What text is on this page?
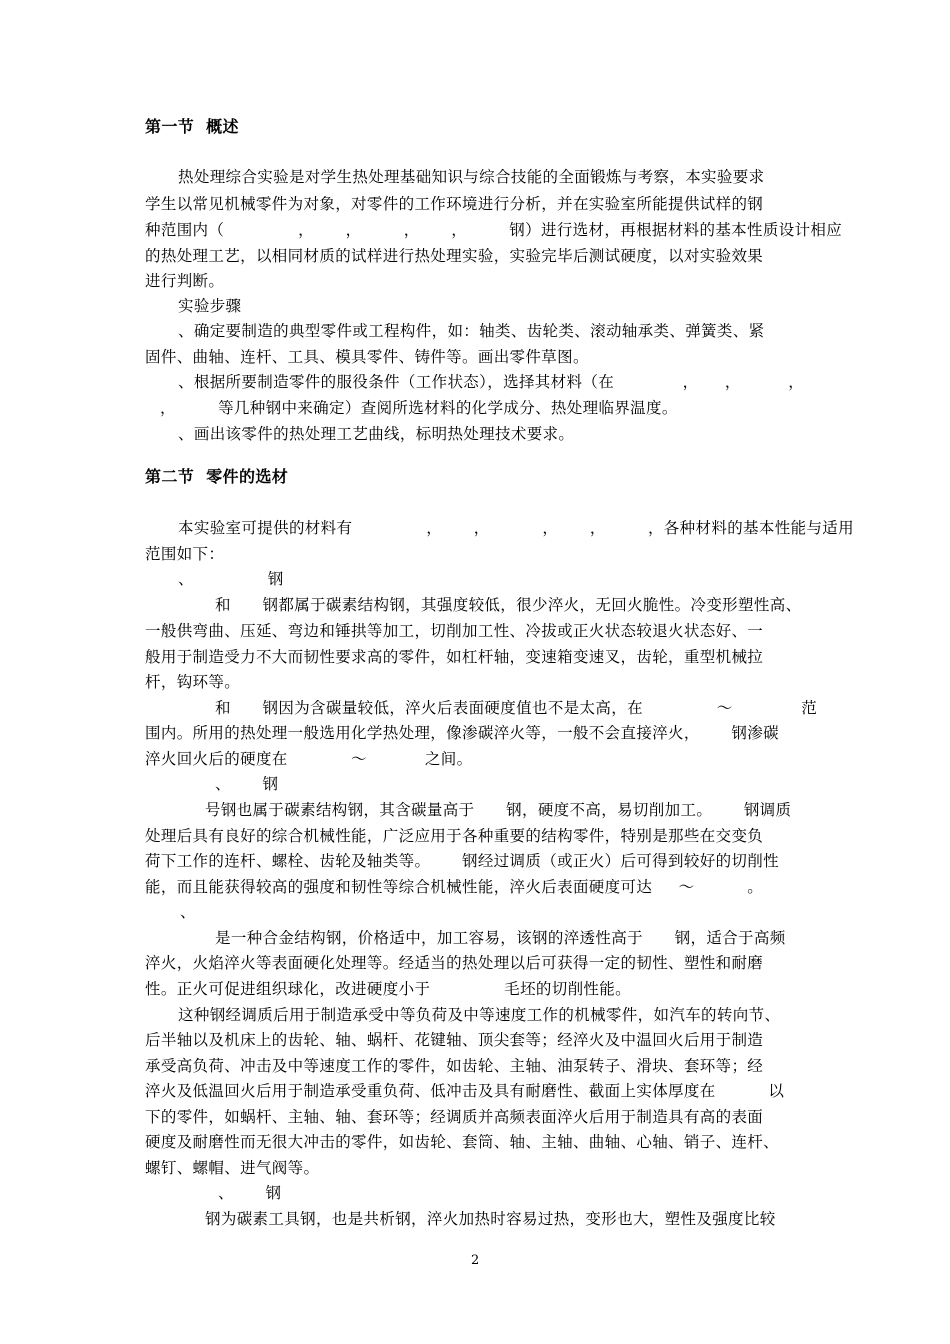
第一节  概述
热处理综合实验是对学生热处理基础知识与综合技能的全面锻炼与考察，本实验要求
学生以常见机械零件为对象，对零件的工作环境进行分析，并在实验室所能提供试样的钢
种范围内（              ，      ，        ，      ，        钢）进行选材，再根据材料的基本性质设计相应
的热处理工艺，以相同材质的试样进行热处理实验，实验完毕后测试硬度，以对实验效果
进行判断。
实验步骤
、确定要制造的典型零件或工程构件，如：轴类、齿轮类、滚动轴承类、弹簧类、紧
固件、曲轴、连杆、工具、模具零件、铸件等。画出零件草图。
、根据所要制造零件的服役条件（工作状态），选择其材料（在             ，     ，         ，
，        等几种钢中来确定）查阅所选材料的化学成分、热处理临界温度。
、画出该零件的热处理工艺曲线，标明热处理技术要求。
第二节  零件的选材
本实验室可提供的材料有              ，      ，          ，      ，        ，各种材料的基本性能与适用
范围如下：
、              钢
和      钢都属于碳素结构钢，其强度较低，很少淬火，无回火脆性。冷变形塑性高、
一般供弯曲、压延、弯边和锤拱等加工，切削加工性、冷拔或正火状态较退火状态好、一
般用于制造受力不大而韧性要求高的零件，如杠杆轴，变速箱变速叉，齿轮，重型机械拉
杆，钩环等。
和      钢因为含碳量较低，淬火后表面硬度值也不是太高，在              ～             范
围内。所用的热处理一般选用化学热处理，像渗碳淬火等，一般不会直接淬火，      钢渗碳
淬火回火后的硬度在            ～           之间。
、      钢
号钢也属于碳素结构钢，其含碳量高于      钢，硬度不高，易切削加工。      钢调质
处理后具有良好的综合机械性能，广泛应用于各种重要的结构零件，特别是那些在交变负
荷下工作的连杆、螺栓、齿轮及轴类等。      钢经过调质（或正火）后可得到较好的切削性
能，而且能获得较高的强度和韧性等综合机械性能，淬火后表面硬度可达     ～          。
、
是一种合金结构钢，价格适中，加工容易，该钢的淬透性高于      钢，适合于高频
淬火，火焰淬火等表面硬化处理等。经适当的热处理以后可获得一定的韧性、塑性和耐磨
性。正火可促进组织球化，改进硬度小于              毛坯的切削性能。
这种钢经调质后用于制造承受中等负荷及中等速度工作的机械零件，如汽车的转向节、
后半轴以及机床上的齿轮、轴、蜗杆、花键轴、顶尖套等；经淬火及中温回火后用于制造
承受高负荷、冲击及中等速度工作的零件，如齿轮、主轴、油泵转子、滑块、套环等；经
淬火及低温回火后用于制造承受重负荷、低冲击及具有耐磨性、截面上实体厚度在          以
下的零件，如蜗杆、主轴、轴、套环等；经调质并高频表面淬火后用于制造具有高的表面
硬度及耐磨性而无很大冲击的零件，如齿轮、套筒、轴、主轴、曲轴、心轴、销子、连杆、
螺钉、螺帽、进气阀等。
、      钢
钢为碳素工具钢，也是共析钢，淬火加热时容易过热，变形也大，塑性及强度比较
2
